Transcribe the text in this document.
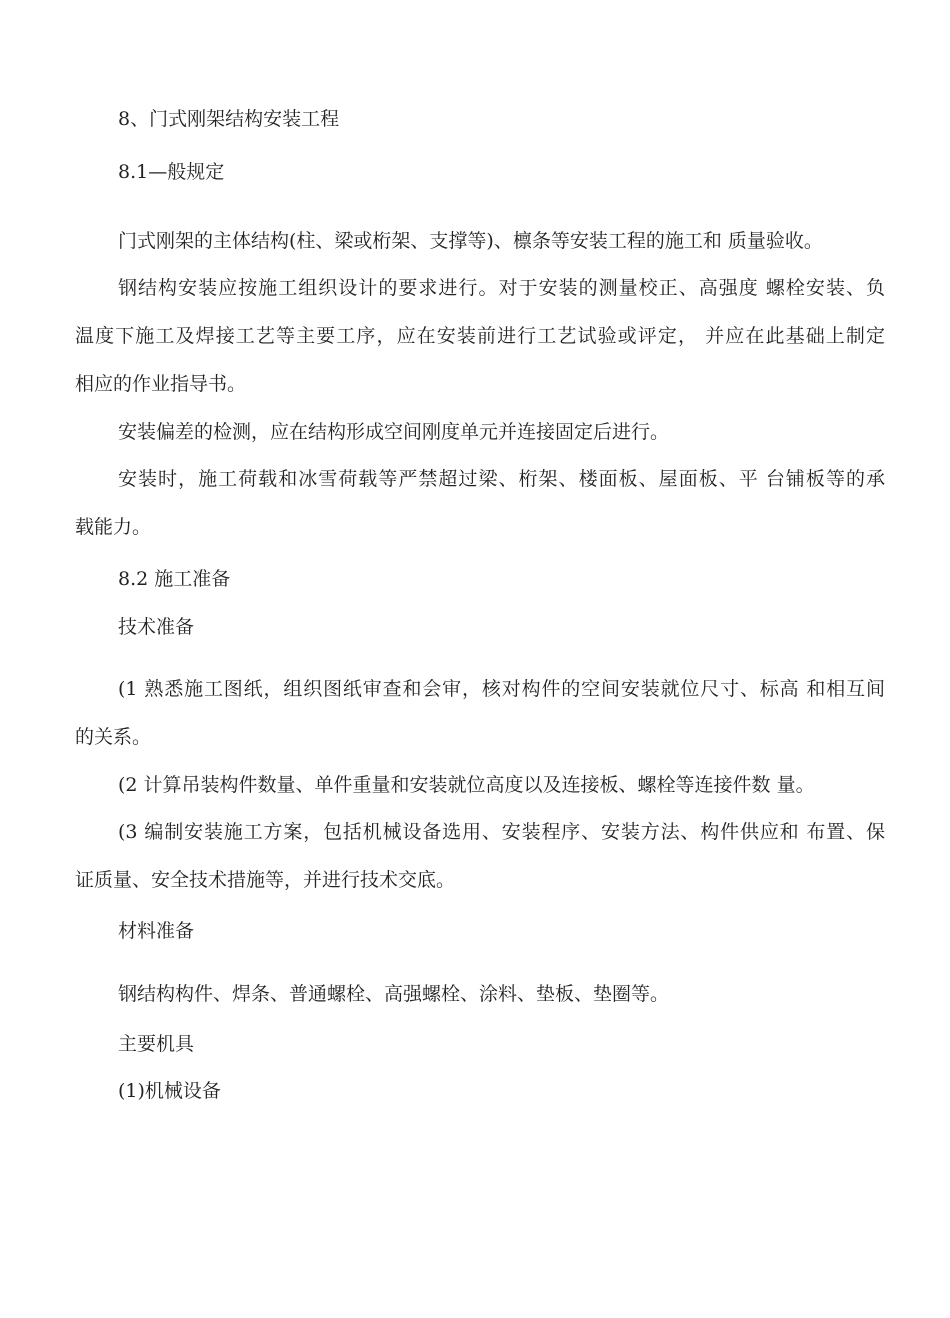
8、门式刚架结构安装工程
8.1—般规定
门式刚架的主体结构(柱、梁或桁架、支撑等)、檩条等安装工程的施工和 质量验收。
钢结构安装应按施工组织设计的要求进行。对于安装的测量校正、高强度 螺栓安装、负
温度下施工及焊接工艺等主要工序，应在安装前进行工艺试验或评定， 并应在此基础上制定
相应的作业指导书。
安装偏差的检测，应在结构形成空间刚度单元并连接固定后进行。
安装时，施工荷载和冰雪荷载等严禁超过梁、桁架、楼面板、屋面板、平 台铺板等的承
载能力。
8.2 施工准备
技术准备
(1 熟悉施工图纸，组织图纸审查和会审，核对构件的空间安装就位尺寸、标高 和相互间
的关系。
(2 计算吊装构件数量、单件重量和安装就位高度以及连接板、螺栓等连接件数 量。
(3 编制安装施工方案，包括机械设备选用、安装程序、安装方法、构件供应和 布置、保
证质量、安全技术措施等，并进行技术交底。
材料准备
钢结构构件、焊条、普通螺栓、高强螺栓、涂料、垫板、垫圈等。
主要机具
(1)机械设备
